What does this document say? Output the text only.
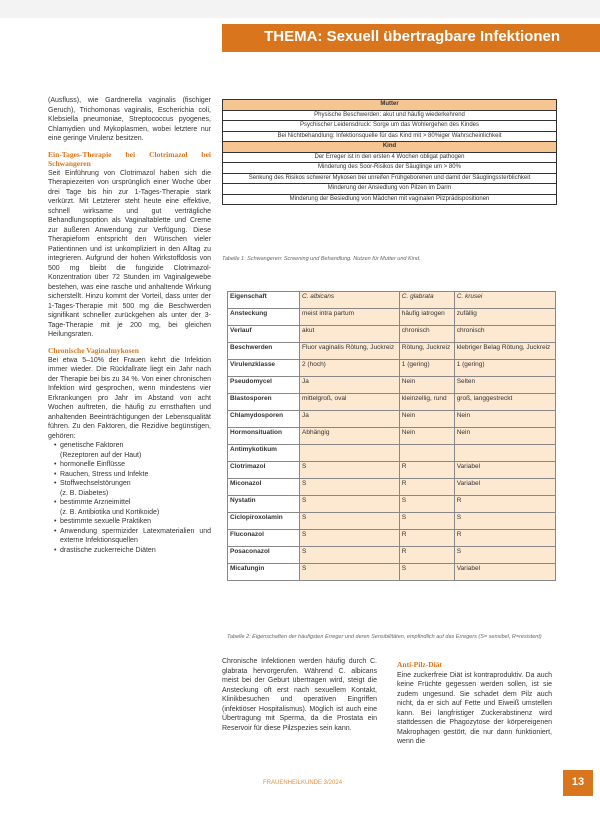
THEMA: Sexuell übertragbare Infektionen

(Ausfluss), wie Gardnerella vaginalis (fischiger Geruch), Trichomonas vaginalis, Escherichia coli, Klebsiella pneumoniae, Streptococcus pyogenes, Chlamydien und Mykoplasmen, wobei letztere nur eine geringe Virulenz besitzen.

Ein-Tages-Therapie bei Clotrimazol bei Schwangeren

Seit Einführung von Clotrimazol haben sich die Therapiezeiten von ursprünglich einer Woche über drei Tage bis hin zur 1-Tages-Therapie stark verkürzt. Mit Letzterer steht heute eine effektive, schnell wirksame und gut verträgliche Behandlungsoption als Vaginaltablette und Creme zur äußeren Anwendung zur Verfügung. Diese Therapieform entspricht den Wünschen vieler Patientinnen und ist unkompliziert in den Alltag zu integrieren. Aufgrund der hohen Wirkstoffdosis von 500 mg bleibt die fungizide Clotrimazol-Konzentration über 72 Stunden im Vaginalgewebe bestehen, was eine rasche und anhaltende Wirkung sicherstellt. Hinzu kommt der Vorteil, dass unter der 1-Tages-Therapie mit 500 mg die Beschwerden signifikant schneller zurückgehen als unter der 3-Tage-Therapie mit je 200 mg, bei gleichen Heilungsraten.

Chronische Vaginalmykosen

Bei etwa 5–10% der Frauen kehrt die Infektion immer wieder. Die Rückfallrate liegt ein Jahr nach der Therapie bei bis zu 34 %. Von einer chronischen Infektion wird gesprochen, wenn mindestens vier Erkrankungen pro Jahr im Abstand von acht Wochen auftreten, die häufig zu ernsthaften und anhaltenden Beeinträchtigungen der Lebensqualität führen. Zu den Faktoren, die Rezidive begünstigen, gehören:

• genetische Faktoren
(Rezeptoren auf der Haut)
• hormonelle Einflüsse
• Rauchen, Stress und Infekte
• Stoffwechselstörungen
(z. B. Diabetes)
• bestimmte Arzneimittel
(z. B. Antibiotika und Kortikoide)
• bestimmte sexuelle Praktiken
• Anwendung spermizider Latexmaterialien und externe Infektionsquellen
• drastische zuckerreiche Diäten
Mutter
Physische Beschwerden: akut und häufig wiederkehrend
Psychischer Leidensdruck: Sorge um das Wohlergehen des Kindes
Bei Nichtbehandlung: Infektionsquelle für das Kind mit > 80%iger Wahrscheinlichkeit
Kind
Der Erreger ist in den ersten 4 Wochen obligat pathogen
Minderung des Soor-Risikos der Säuglinge um > 80%
Senkung des Risikos schwerer Mykosen bei unreifen Frühgeborenen und damit der Säuglingssterblichkeit
Minderung der Ansiedlung von Pilzen im Darm
Minderung der Besiedlung von Mädchen mit vaginalen Pilzprädispositionen
Tabelle 1: Schwangeren: Screening und Behandlung. Nutzen für Mutter und Kind.
Eigenschaft	C. albicans	C. glabrata	C. krusei
Ansteckung	meist intra partum	häufig iatrogen	zufällig
Verlauf	akut	chronisch	chronisch
Beschwerden	Fluor vaginalis Rötung, Juckreiz	Rötung, Juckreiz	klebriger Belag Rötung, Juckreiz
Virulenzklasse	2 (hoch)	1 (gering)	1 (gering)
Pseudomycel	Ja	Nein	Selten
Blastosporen	mittelgroß, oval	kleinzellig, rund	groß, langgestreckt
Chlamydosporen	Ja	Nein	Nein
Hormonsituation	Abhängig	Nein	Nein
Antimykotikum			
Clotrimazol	S	R	Variabel
Miconazol	S	R	Variabel
Nystatin	S	S	R
Ciclopiroxolamin	S	S	S
Fluconazol	S	R	R
Posaconazol	S	R	S
Micafungin	S	S	Variabel
Tabelle 2: Eigenschaften der häufigsten Erreger und deren Sensibilitäten, empfindlich auf das Erregers (S= sensibel, R=resistent)

Chronische Infektionen werden häufig durch C. glabrata hervorgerufen. Während C. albicans meist bei der Geburt übertragen wird, steigt die Ansteckung oft erst nach sexuellem Kontakt, Klinikbesuchen und operativen Eingriffen (infektiöser Hospitalismus). Möglich ist auch eine Übertragung mit Sperma, da die Prostata ein Reservoir für diese Pilzspezies sein kann.

Anti-Pilz-Diät

Eine zuckerfreie Diät ist kontraproduktiv. Da auch keine Früchte gegessen werden sollen, ist sie zudem ungesund. Sie schadet dem Pilz auch nicht, da er sich auf Fette und Eiweiß umstellen kann. Bei langfristiger Zuckerabstinenz wird stattdessen die Phagozytose der körpereigenen Makrophagen gestört, die nur dann funktioniert, wenn die

FRAUENHEILKUNDE 3/2024	13
